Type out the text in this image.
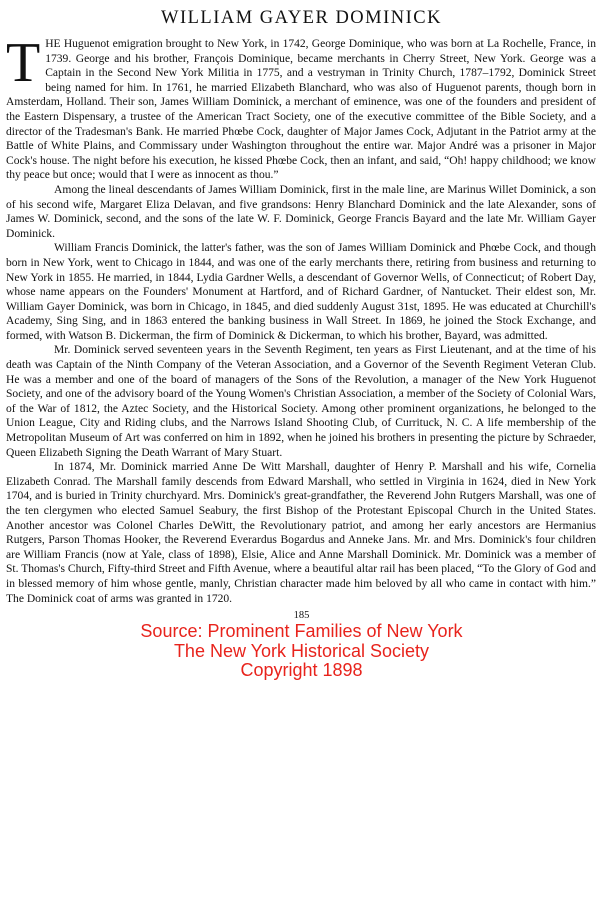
WILLIAM GAYER DOMINICK

THE Huguenot emigration brought to New York, in 1742, George Dominique, who was born at La Rochelle, France, in 1739. George and his brother, François Dominique, became merchants in Cherry Street, New York. George was a Captain in the Second New York Militia in 1775, and a vestryman in Trinity Church, 1787–1792, Dominick Street being named for him. In 1761, he married Elizabeth Blanchard, who was also of Huguenot parents, though born in Amsterdam, Holland. Their son, James William Dominick, a merchant of eminence, was one of the founders and president of the Eastern Dispensary, a trustee of the American Tract Society, one of the executive committee of the Bible Society, and a director of the Tradesman's Bank. He married Phœbe Cock, daughter of Major James Cock, Adjutant in the Patriot army at the Battle of White Plains, and Commissary under Washington throughout the entire war. Major André was a prisoner in Major Cock's house. The night before his execution, he kissed Phœbe Cock, then an infant, and said, “Oh! happy childhood; we know thy peace but once; would that I were as innocent as thou.”

Among the lineal descendants of James William Dominick, first in the male line, are Marinus Willet Dominick, a son of his second wife, Margaret Eliza Delavan, and five grandsons: Henry Blanchard Dominick and the late Alexander, sons of James W. Dominick, second, and the sons of the late W. F. Dominick, George Francis Bayard and the late Mr. William Gayer Dominick.

William Francis Dominick, the latter's father, was the son of James William Dominick and Phœbe Cock, and though born in New York, went to Chicago in 1844, and was one of the early merchants there, retiring from business and returning to New York in 1855. He married, in 1844, Lydia Gardner Wells, a descendant of Governor Wells, of Connecticut; of Robert Day, whose name appears on the Founders' Monument at Hartford, and of Richard Gardner, of Nantucket. Their eldest son, Mr. William Gayer Dominick, was born in Chicago, in 1845, and died suddenly August 31st, 1895. He was educated at Churchill's Academy, Sing Sing, and in 1863 entered the banking business in Wall Street. In 1869, he joined the Stock Exchange, and formed, with Watson B. Dickerman, the firm of Dominick & Dickerman, to which his brother, Bayard, was admitted.

Mr. Dominick served seventeen years in the Seventh Regiment, ten years as First Lieutenant, and at the time of his death was Captain of the Ninth Company of the Veteran Association, and a Governor of the Seventh Regiment Veteran Club. He was a member and one of the board of managers of the Sons of the Revolution, a manager of the New York Huguenot Society, and one of the advisory board of the Young Women's Christian Association, a member of the Society of Colonial Wars, of the War of 1812, the Aztec Society, and the Historical Society. Among other prominent organizations, he belonged to the Union League, City and Riding clubs, and the Narrows Island Shooting Club, of Currituck, N. C. A life membership of the Metropolitan Museum of Art was conferred on him in 1892, when he joined his brothers in presenting the picture by Schraeder, Queen Elizabeth Signing the Death Warrant of Mary Stuart.

In 1874, Mr. Dominick married Anne De Witt Marshall, daughter of Henry P. Marshall and his wife, Cornelia Elizabeth Conrad. The Marshall family descends from Edward Marshall, who settled in Virginia in 1624, died in New York 1704, and is buried in Trinity churchyard. Mrs. Dominick's great-grandfather, the Reverend John Rutgers Marshall, was one of the ten clergymen who elected Samuel Seabury, the first Bishop of the Protestant Episcopal Church in the United States. Another ancestor was Colonel Charles DeWitt, the Revolutionary patriot, and among her early ancestors are Hermanius Rutgers, Parson Thomas Hooker, the Reverend Everardus Bogardus and Anneke Jans. Mr. and Mrs. Dominick's four children are William Francis (now at Yale, class of 1898), Elsie, Alice and Anne Marshall Dominick. Mr. Dominick was a member of St. Thomas's Church, Fifty-third Street and Fifth Avenue, where a beautiful altar rail has been placed, “To the Glory of God and in blessed memory of him whose gentle, manly, Christian character made him beloved by all who came in contact with him.” The Dominick coat of arms was granted in 1720.

185
Source: Prominent Families of New York
The New York Historical Society
Copyright 1898
